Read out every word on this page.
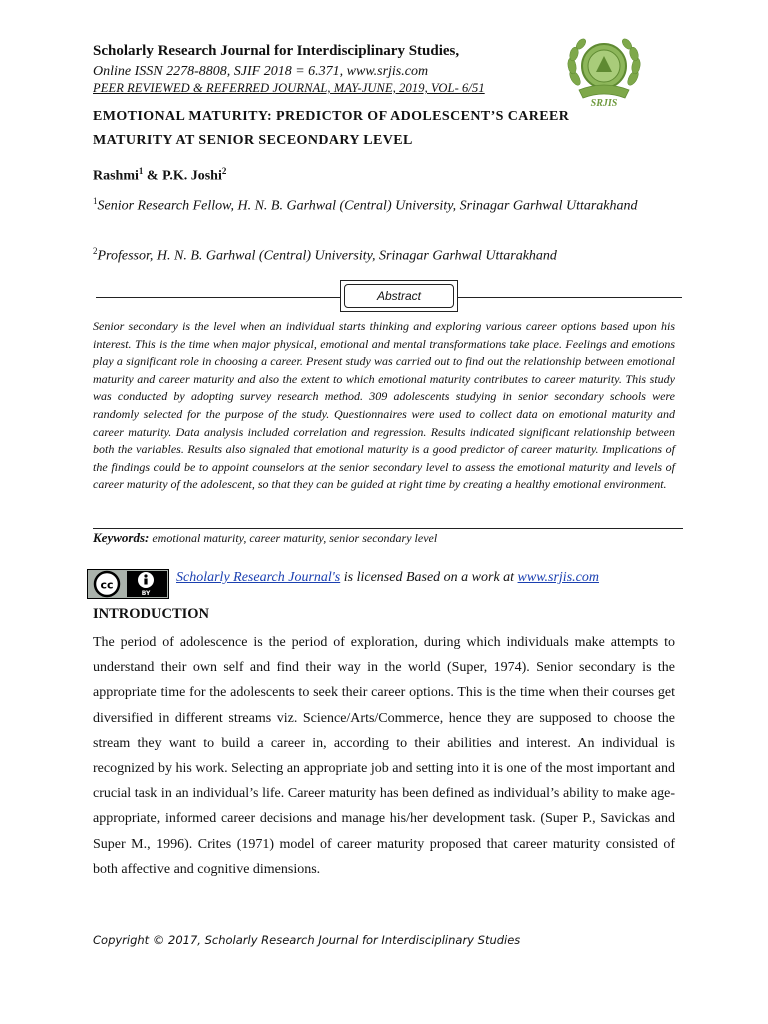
Scholarly Research Journal for Interdisciplinary Studies,
Online ISSN 2278-8808, SJIF 2018 = 6.371, www.srjis.com
PEER REVIEWED & REFERRED JOURNAL, MAY-JUNE, 2019, VOL- 6/51
SRJIS
EMOTIONAL MATURITY: PREDICTOR OF ADOLESCENT’S CAREER
MATURITY AT SENIOR SECEONDARY LEVEL
Rashmi$^1$ & P.K. Joshi$^2$
$^1$Senior Research Fellow, H. N. B. Garhwal (Central) University, Srinagar Garhwal Uttarakhand
$^2$Professor, H. N. B. Garhwal (Central) University, Srinagar Garhwal Uttarakhand
Abstract
Senior secondary is the level when an individual starts thinking and exploring various career options based upon his interest. This is the time when major physical, emotional and mental transformations take place. Feelings and emotions play a significant role in choosing a career. Present study was carried out to find out the relationship between emotional maturity and career maturity and also the extent to which emotional maturity contributes to career maturity. This study was conducted by adopting survey research method. 309 adolescents studying in senior secondary schools were randomly selected for the purpose of the study. Questionnaires were used to collect data on emotional maturity and career maturity. Data analysis included correlation and regression. Results indicated significant relationship between both the variables. Results also signaled that emotional maturity is a good predictor of career maturity. Implications of the findings could be to appoint counselors at the senior secondary level to assess the emotional maturity and levels of career maturity of the adolescent, so that they can be guided at right time by creating a healthy emotional environment.
Keywords: emotional maturity, career maturity, senior secondary level
cc
BY
Scholarly Research Journal's is licensed Based on a work at www.srjis.com
INTRODUCTION
The period of adolescence is the period of exploration, during which individuals make attempts to understand their own self and find their way in the world (Super, 1974). Senior secondary is the appropriate time for the adolescents to seek their career options. This is the time when their courses get diversified in different streams viz. Science/Arts/Commerce, hence they are supposed to choose the stream they want to build a career in, according to their abilities and interest. An individual is recognized by his work. Selecting an appropriate job and setting into it is one of the most important and crucial task in an individual’s life. Career maturity has been defined as individual’s ability to make age-appropriate, informed career decisions and manage his/her development task. (Super P., Savickas and Super M., 1996). Crites (1971) model of career maturity proposed that career maturity consisted of both affective and cognitive dimensions.
Copyright © 2017, Scholarly Research Journal for Interdisciplinary Studies
